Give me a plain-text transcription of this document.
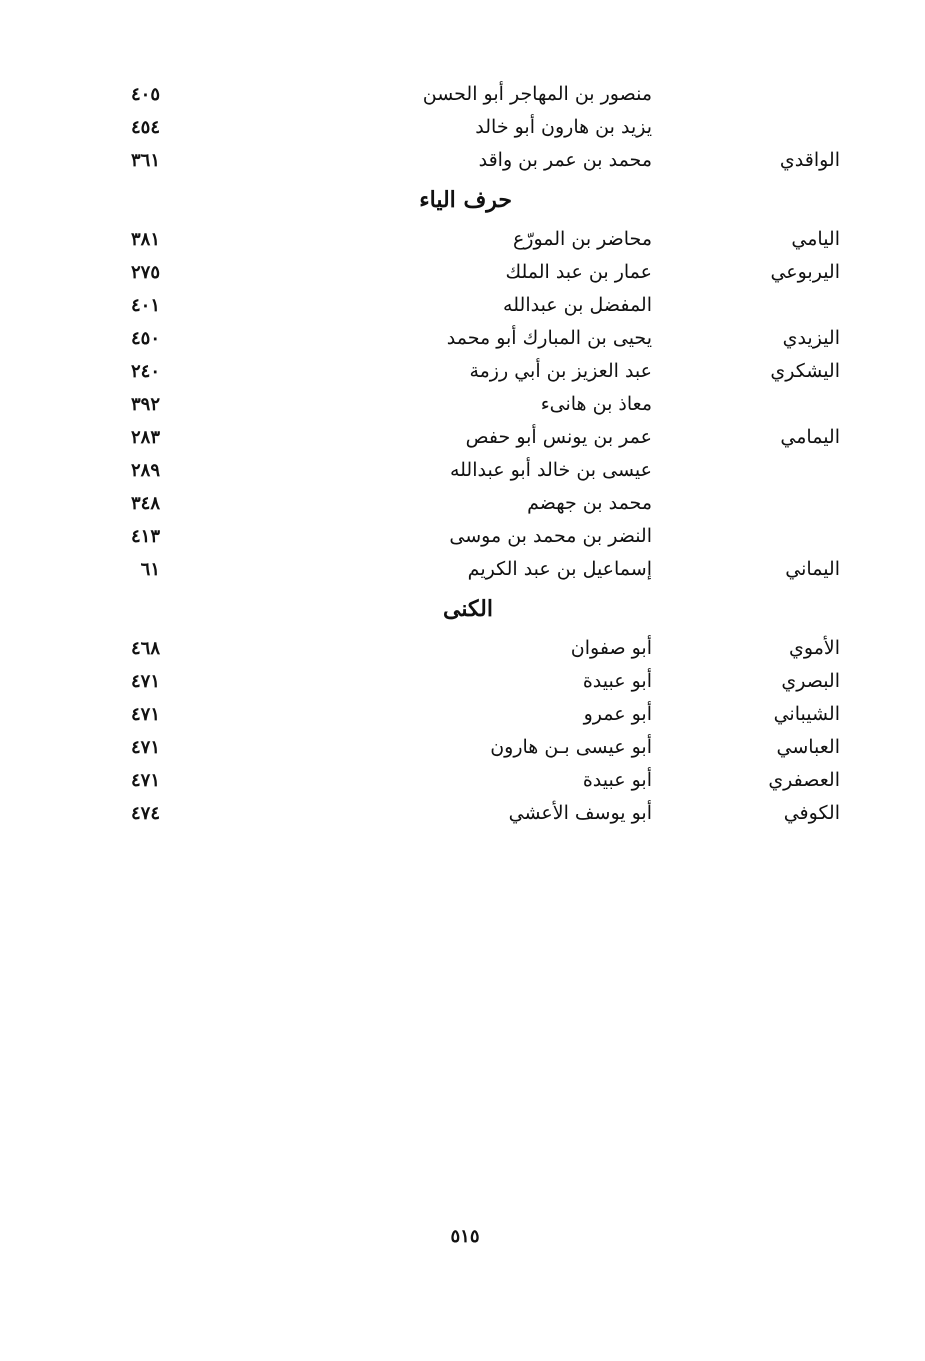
منصور بن المهاجر أبو الحسن
٤٠٥
يزيد بن هارون أبو خالد
٤٥٤
الواقدي
محمد بن عمر بن واقد
٣٦١
حرف الياء
اليامي
محاضر بن المورّع
٣٨١
اليربوعي
عمار بن عبد الملك
٢٧٥
المفضل بن عبدالله
٤٠١
اليزيدي
يحيى بن المبارك أبو محمد
٤٥٠
اليشكري
عبد العزيز بن أبي رزمة
٢٤٠
معاذ بن هانىء
٣٩٢
اليمامي
عمر بن يونس أبو حفص
٢٨٣
عيسى بن خالد أبو عبدالله
٢٨٩
محمد بن جهضم
٣٤٨
النضر بن محمد بن موسى
٤١٣
اليماني
إسماعيل بن عبد الكريم
٦١
الكنى
الأموي
أبو صفوان
٤٦٨
البصري
أبو عبيدة
٤٧١
الشيباني
أبو عمرو
٤٧١
العباسي
أبو عيسى بـن هارون
٤٧١
العصفري
أبو عبيدة
٤٧١
الكوفي
أبو يوسف الأعشي
٤٧٤
٥١٥
